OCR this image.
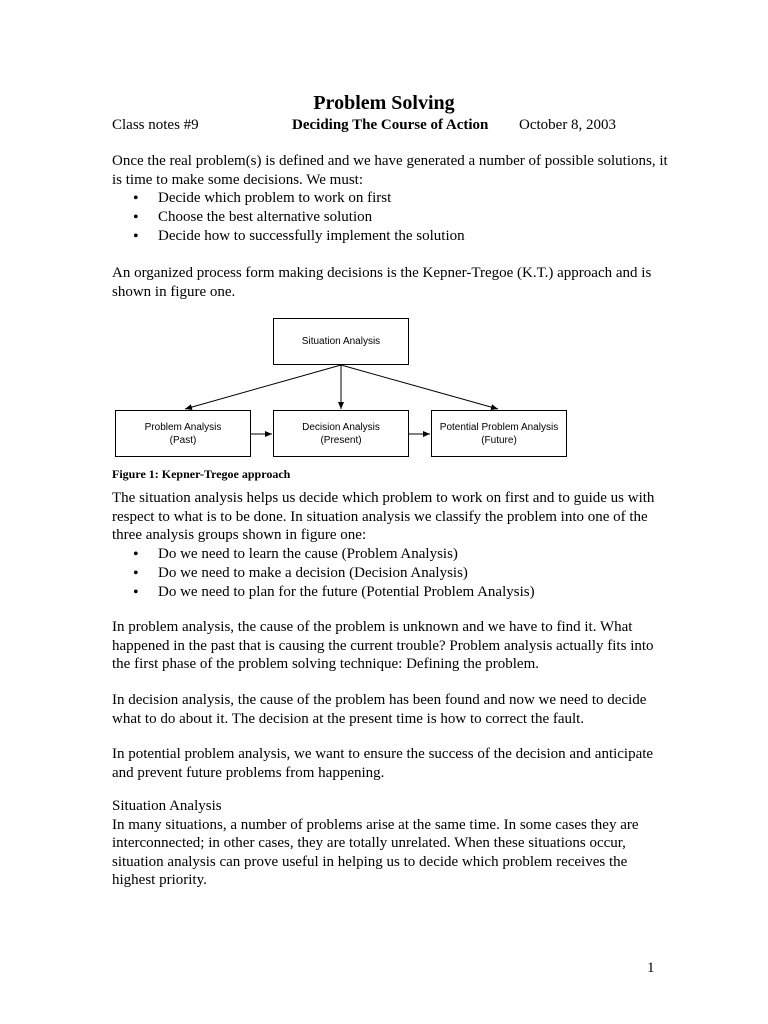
Problem Solving
Class notes #9	Deciding The Course of Action October 8, 2003
Once the real problem(s) is defined and we have generated a number of possible solutions, it is time to make some decisions. We must:
• Decide which problem to work on first
• Choose the best alternative solution
• Decide how to successfully implement the solution
An organized process form making decisions is the Kepner-Tregoe (K.T.) approach and is shown in figure one.
Situation Analysis
Problem Analysis
(Past)
Decision Analysis
(Present)
Potential Problem Analysis
(Future)
Figure 1: Kepner-Tregoe approach
The situation analysis helps us decide which problem to work on first and to guide us with respect to what is to be done. In situation analysis we classify the problem into one of the three analysis groups shown in figure one:
• Do we need to learn the cause (Problem Analysis)
• Do we need to make a decision (Decision Analysis)
• Do we need to plan for the future (Potential Problem Analysis)
In problem analysis, the cause of the problem is unknown and we have to find it. What happened in the past that is causing the current trouble? Problem analysis actually fits into the first phase of the problem solving technique: Defining the problem.
In decision analysis, the cause of the problem has been found and now we need to decide what to do about it. The decision at the present time is how to correct the fault.
In potential problem analysis, we want to ensure the success of the decision and anticipate and prevent future problems from happening.
Situation Analysis
In many situations, a number of problems arise at the same time. In some cases they are interconnected; in other cases, they are totally unrelated. When these situations occur, situation analysis can prove useful in helping us to decide which problem receives the highest priority.
1
